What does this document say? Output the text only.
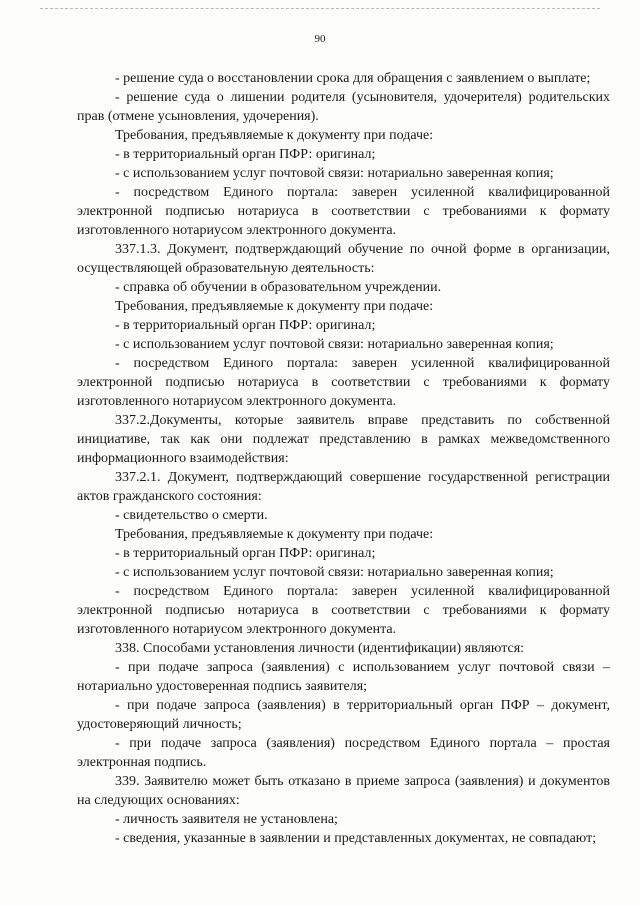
90

- решение суда о восстановлении срока для обращения с заявлением о выплате;

- решение суда о лишении родителя (усыновителя, удочерителя) родительских прав (отмене усыновления, удочерения).

Требования, предъявляемые к документу при подаче:

- в территориальный орган ПФР: оригинал;

- с использованием услуг почтовой связи: нотариально заверенная копия;

- посредством Единого портала: заверен усиленной квалифицированной электронной подписью нотариуса в соответствии с требованиями к формату изготовленного нотариусом электронного документа.

337.1.3. Документ, подтверждающий обучение по очной форме в организации, осуществляющей образовательную деятельность:

- справка об обучении в образовательном учреждении.

Требования, предъявляемые к документу при подаче:

- в территориальный орган ПФР: оригинал;

- с использованием услуг почтовой связи: нотариально заверенная копия;

- посредством Единого портала: заверен усиленной квалифицированной электронной подписью нотариуса в соответствии с требованиями к формату изготовленного нотариусом электронного документа.

337.2.Документы, которые заявитель вправе представить по собственной инициативе, так как они подлежат представлению в рамках межведомственного информационного взаимодействия:

337.2.1. Документ, подтверждающий совершение государственной регистрации актов гражданского состояния:

- свидетельство о смерти.

Требования, предъявляемые к документу при подаче:

- в территориальный орган ПФР: оригинал;

- с использованием услуг почтовой связи: нотариально заверенная копия;

- посредством Единого портала: заверен усиленной квалифицированной электронной подписью нотариуса в соответствии с требованиями к формату изготовленного нотариусом электронного документа.

338. Способами установления личности (идентификации) являются:

- при подаче запроса (заявления) с использованием услуг почтовой связи – нотариально удостоверенная подпись заявителя;

- при подаче запроса (заявления) в территориальный орган ПФР – документ, удостоверяющий личность;

- при подаче запроса (заявления) посредством Единого портала – простая электронная подпись.

339. Заявителю может быть отказано в приеме запроса (заявления) и документов на следующих основаниях:

- личность заявителя не установлена;

- сведения, указанные в заявлении и представленных документах, не совпадают;
